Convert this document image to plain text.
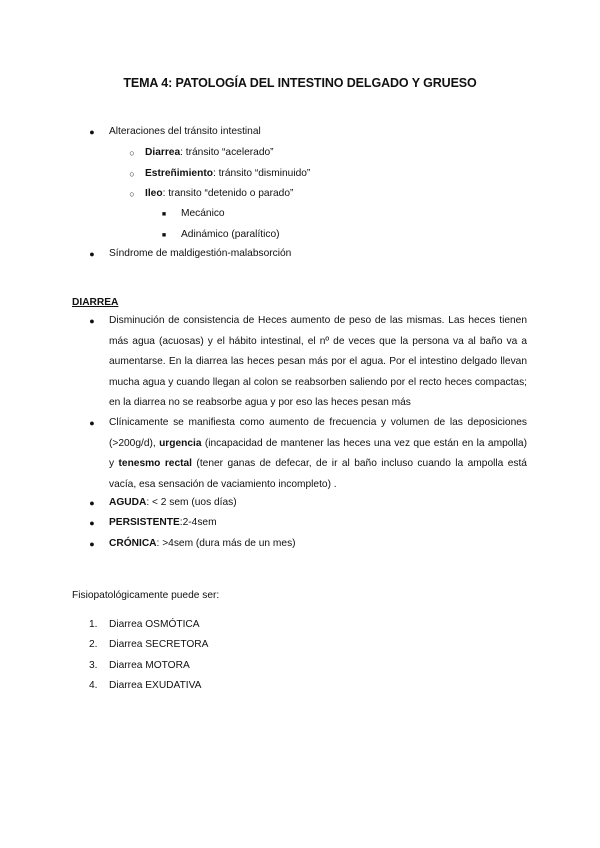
TEMA 4: PATOLOGÍA DEL INTESTINO DELGADO Y GRUESO
● Alteraciones del tránsito intestinal
○ Diarrea: tránsito “acelerado”
○ Estreñimiento: tránsito “disminuido”
○ Ileo: transito “detenido o parado”
■ Mecánico
■ Adinámico (paralítico)
● Síndrome de maldigestión-malabsorción
DIARREA
● Disminución de consistencia de Heces aumento de peso de las mismas. Las heces tienen más agua (acuosas) y el hábito intestinal, el nº de veces que la persona va al baño va a aumentarse. En la diarrea las heces pesan más por el agua. Por el intestino delgado llevan mucha agua y cuando llegan al colon se reabsorben saliendo por el recto heces compactas; en la diarrea no se reabsorbe agua y por eso las heces pesan más
● Clínicamente se manifiesta como aumento de frecuencia y volumen de las deposiciones (>200g/d), urgencia (incapacidad de mantener las heces una vez que están en la ampolla) y tenesmo rectal (tener ganas de defecar, de ir al baño incluso cuando la ampolla está vacía, esa sensación de vaciamiento incompleto) .
● AGUDA: < 2 sem (uos días)
● PERSISTENTE:2-4sem
● CRÓNICA: >4sem (dura más de un mes)
Fisiopatológicamente puede ser:
1. Diarrea OSMÓTICA
2. Diarrea SECRETORA
3. Diarrea MOTORA
4. Diarrea EXUDATIVA
